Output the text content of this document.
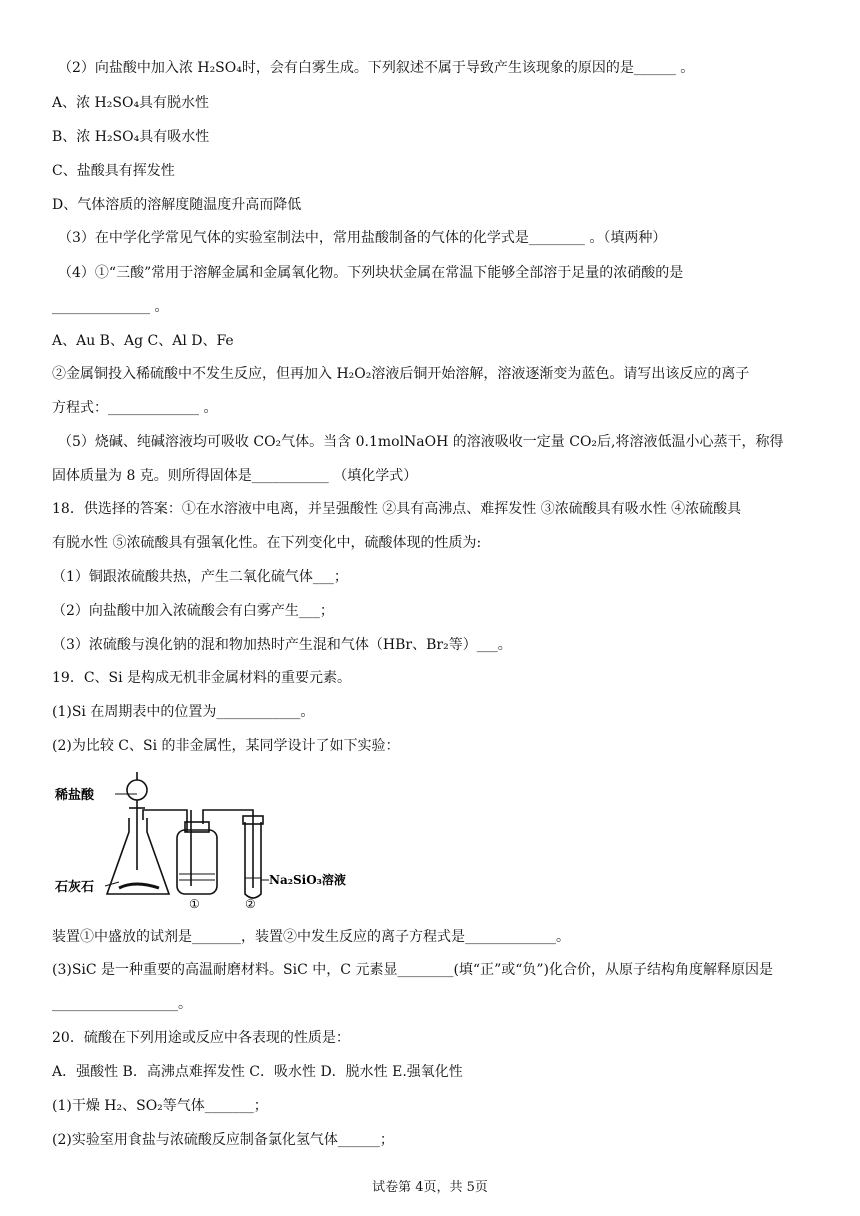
（2）向盐酸中加入浓 H₂SO₄时，会有白雾生成。下列叙述不属于导致产生该现象的原因的是______ 。
A、浓 H₂SO₄具有脱水性
B、浓 H₂SO₄具有吸水性
C、盐酸具有挥发性
D、气体溶质的溶解度随温度升高而降低
（3）在中学化学常见气体的实验室制法中，常用盐酸制备的气体的化学式是________ 。（填两种）
（4）①“三酸”常用于溶解金属和金属氧化物。下列块状金属在常温下能够全部溶于足量的浓硝酸的是
______________ 。
A、Au B、Ag C、Al D、Fe
②金属铜投入稀硫酸中不发生反应，但再加入 H₂O₂溶液后铜开始溶解，溶液逐渐变为蓝色。请写出该反应的离子
方程式：_____________ 。
（5）烧碱、纯碱溶液均可吸收 CO₂气体。当含 0.1molNaOH 的溶液吸收一定量 CO₂后,将溶液低温小心蒸干，称得
固体质量为 8 克。则所得固体是___________ （填化学式）
18．供选择的答案：①在水溶液中电离，并呈强酸性 ②具有高沸点、难挥发性 ③浓硫酸具有吸水性 ④浓硫酸具
有脱水性 ⑤浓硫酸具有强氧化性。在下列变化中，硫酸体现的性质为:
（1）铜跟浓硫酸共热，产生二氧化硫气体___；
（2）向盐酸中加入浓硫酸会有白雾产生___；
（3）浓硫酸与溴化钠的混和物加热时产生混和气体（HBr、Br₂等）___。
19．C、Si 是构成无机非金属材料的重要元素。
(1)Si 在周期表中的位置为____________。
(2)为比较 C、Si 的非金属性，某同学设计了如下实验：
稀盐酸
石灰石	Na₂SiO₃溶液
①	②
装置①中盛放的试剂是_______，装置②中发生反应的离子方程式是_____________。
(3)SiC 是一种重要的高温耐磨材料。SiC 中，C 元素显________(填“正”或“负”)化合价，从原子结构角度解释原因是
__________________。
20．硫酸在下列用途或反应中各表现的性质是：
A．强酸性 B．高沸点难挥发性 C．吸水性 D．脱水性 E.强氧化性
(1)干燥 H₂、SO₂等气体_______；
(2)实验室用食盐与浓硫酸反应制备氯化氢气体______；
试卷第 4页，共 5页
